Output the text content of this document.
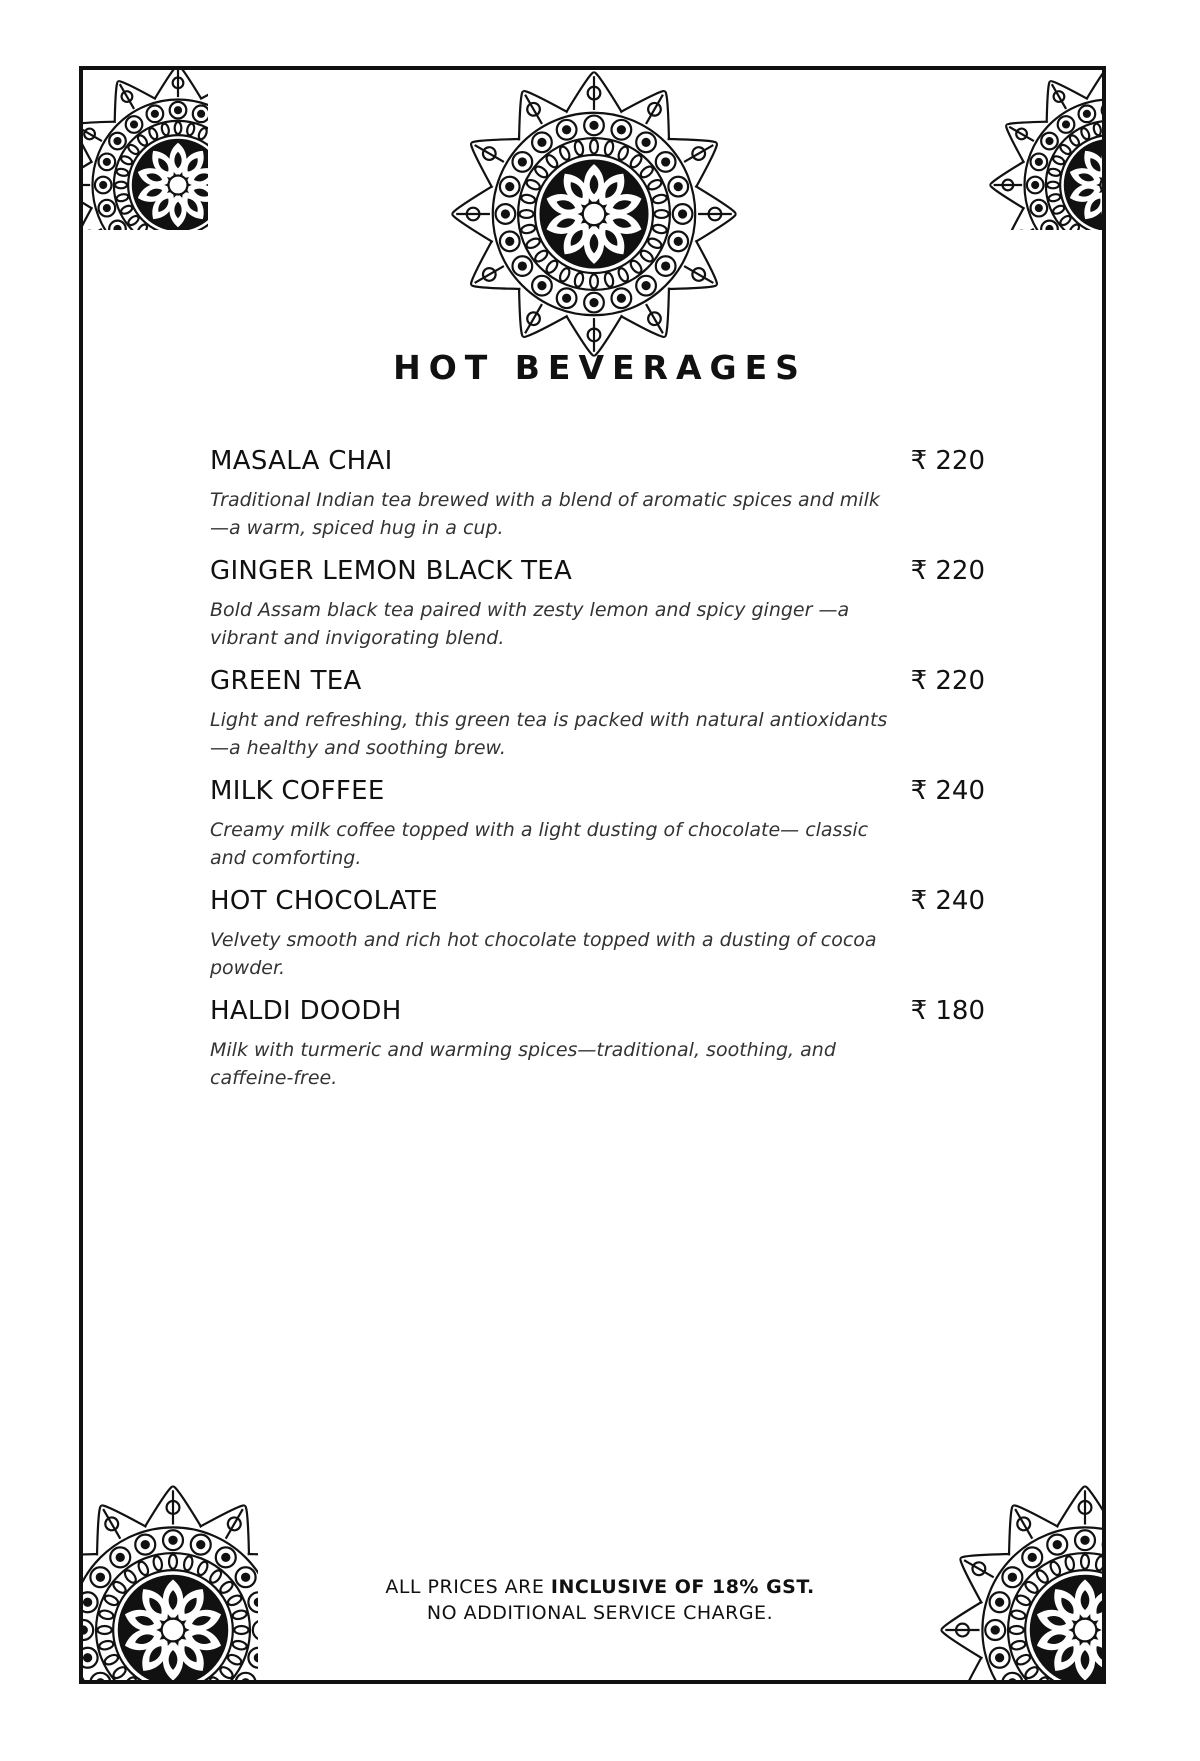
HOT BEVERAGES
MASALA CHAI	₹ 220
Traditional Indian tea brewed with a blend of aromatic spices and milk—a warm, spiced hug in a cup.
GINGER LEMON BLACK TEA	₹ 220
Bold Assam black tea paired with zesty lemon and spicy ginger —a vibrant and invigorating blend.
GREEN TEA	₹ 220
Light and refreshing, this green tea is packed with natural antioxidants—a healthy and soothing brew.
MILK COFFEE	₹ 240
Creamy milk coffee topped with a light dusting of chocolate— classic and comforting.
HOT CHOCOLATE	₹ 240
Velvety smooth and rich hot chocolate topped with a dusting of cocoa powder.
HALDI DOODH	₹ 180
Milk with turmeric and warming spices—traditional, soothing, and caffeine-free.
ALL PRICES ARE INCLUSIVE OF 18% GST.
NO ADDITIONAL SERVICE CHARGE.
